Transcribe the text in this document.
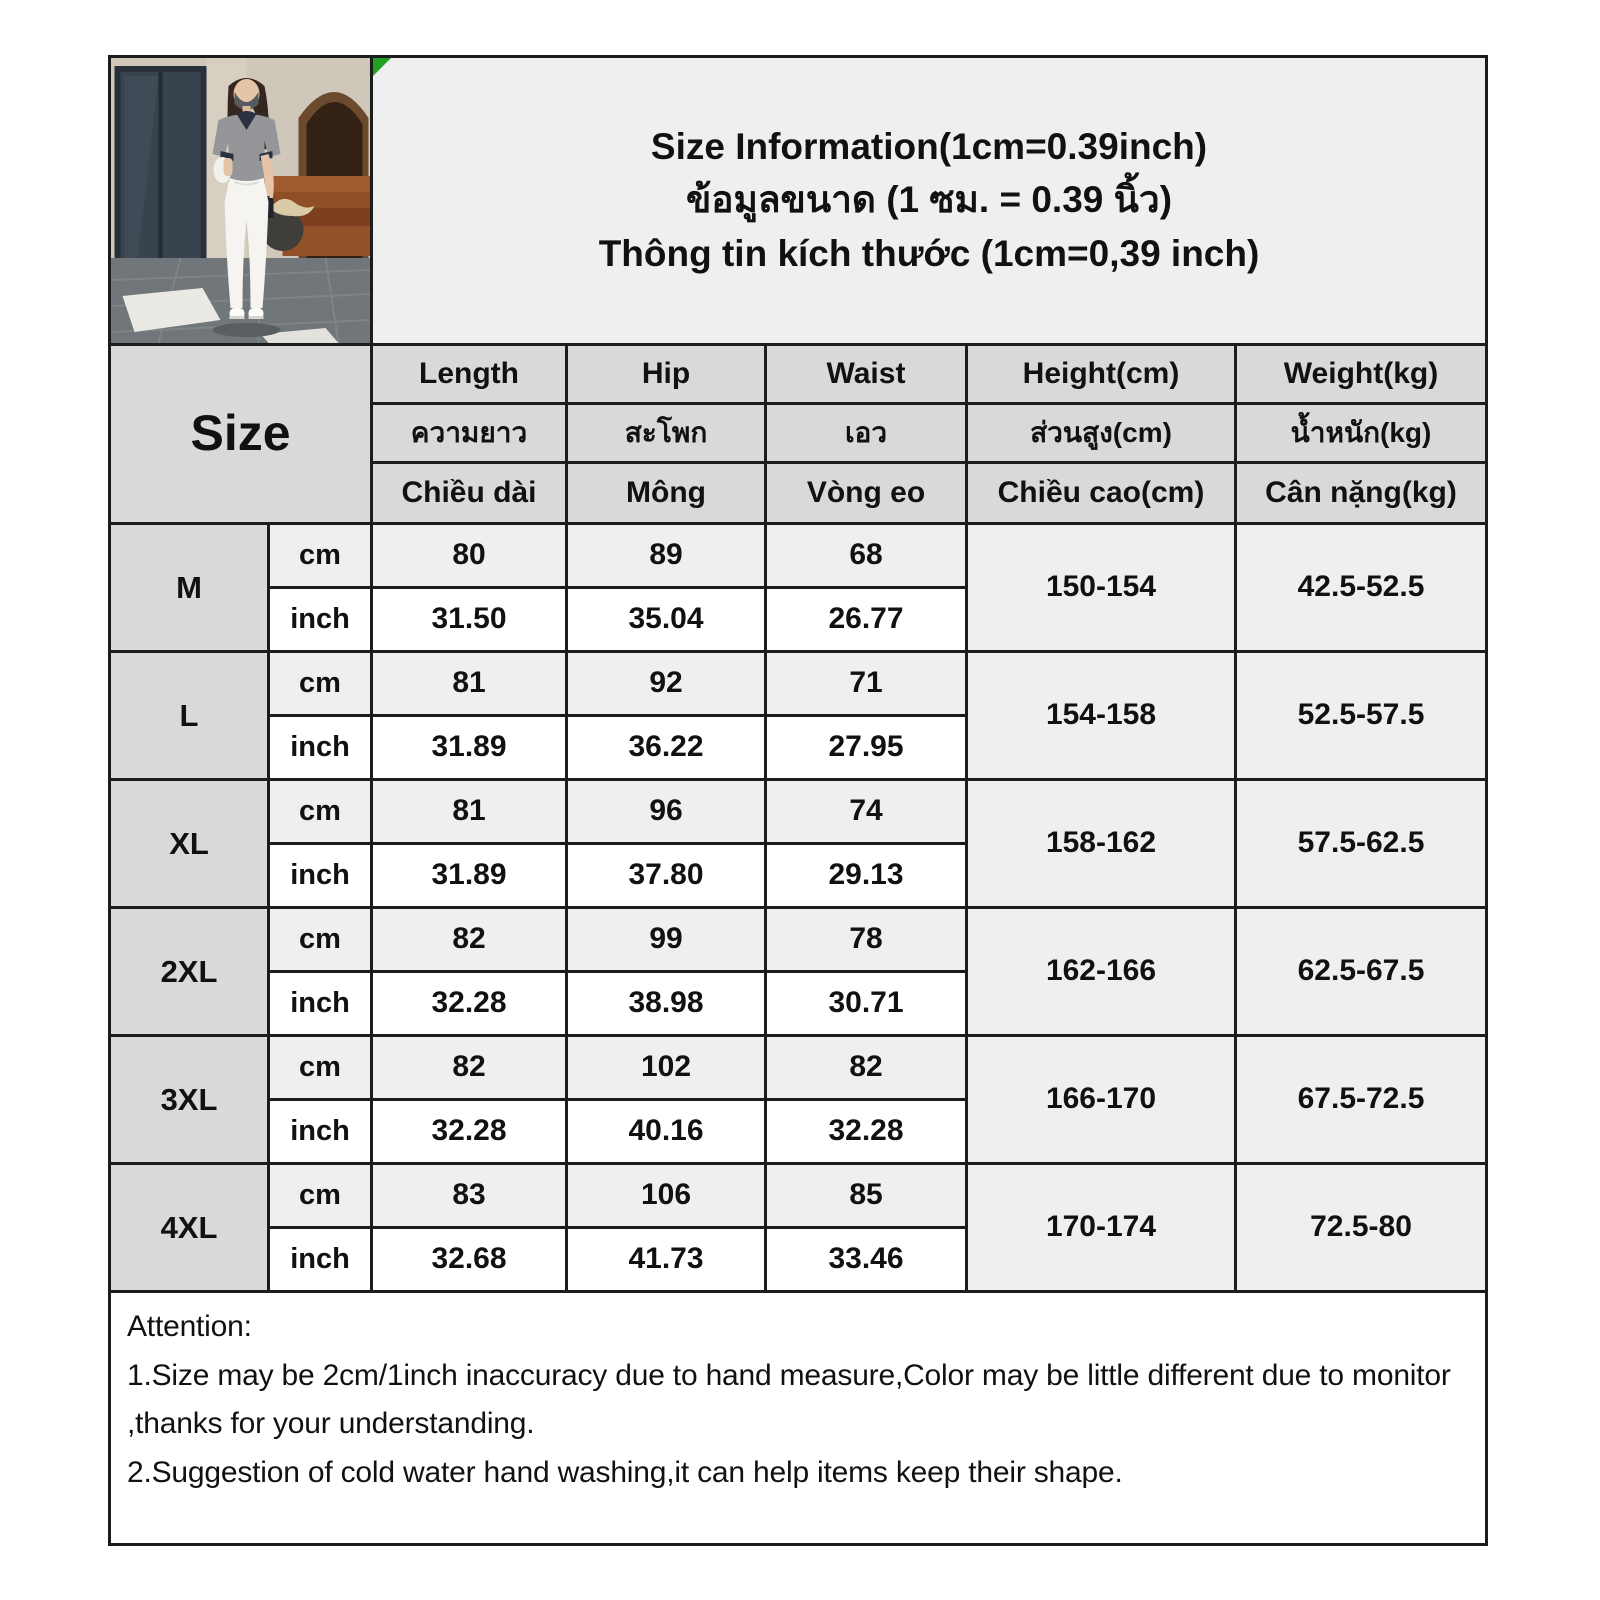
Size Information(1cm=0.39inch)
ข้อมูลขนาด (1 ซม. = 0.39 นิ้ว)
Thông tin kích thước (1cm=0,39 inch)
Size
Length	Hip	Waist	Height(cm)	Weight(kg)
ความยาว	สะโพก	เอว	ส่วนสูง(cm)	น้ำหนัก(kg)
Chiều dài	Mông	Vòng eo	Chiều cao(cm)	Cân nặng(kg)
M
cm	80	89	68
inch	31.50	35.04	26.77
150-154	42.5-52.5
L
cm	81	92	71
inch	31.89	36.22	27.95
154-158	52.5-57.5
XL
cm	81	96	74
inch	31.89	37.80	29.13
158-162	57.5-62.5
2XL
cm	82	99	78
inch	32.28	38.98	30.71
162-166	62.5-67.5
3XL
cm	82	102	82
inch	32.28	40.16	32.28
166-170	67.5-72.5
4XL
cm	83	106	85
inch	32.68	41.73	33.46
170-174	72.5-80
Attention:
1.Size may be 2cm/1inch inaccuracy due to hand measure,Color may be little different due to monitor ,thanks for your understanding.
2.Suggestion of cold water hand washing,it can help items keep their shape.
